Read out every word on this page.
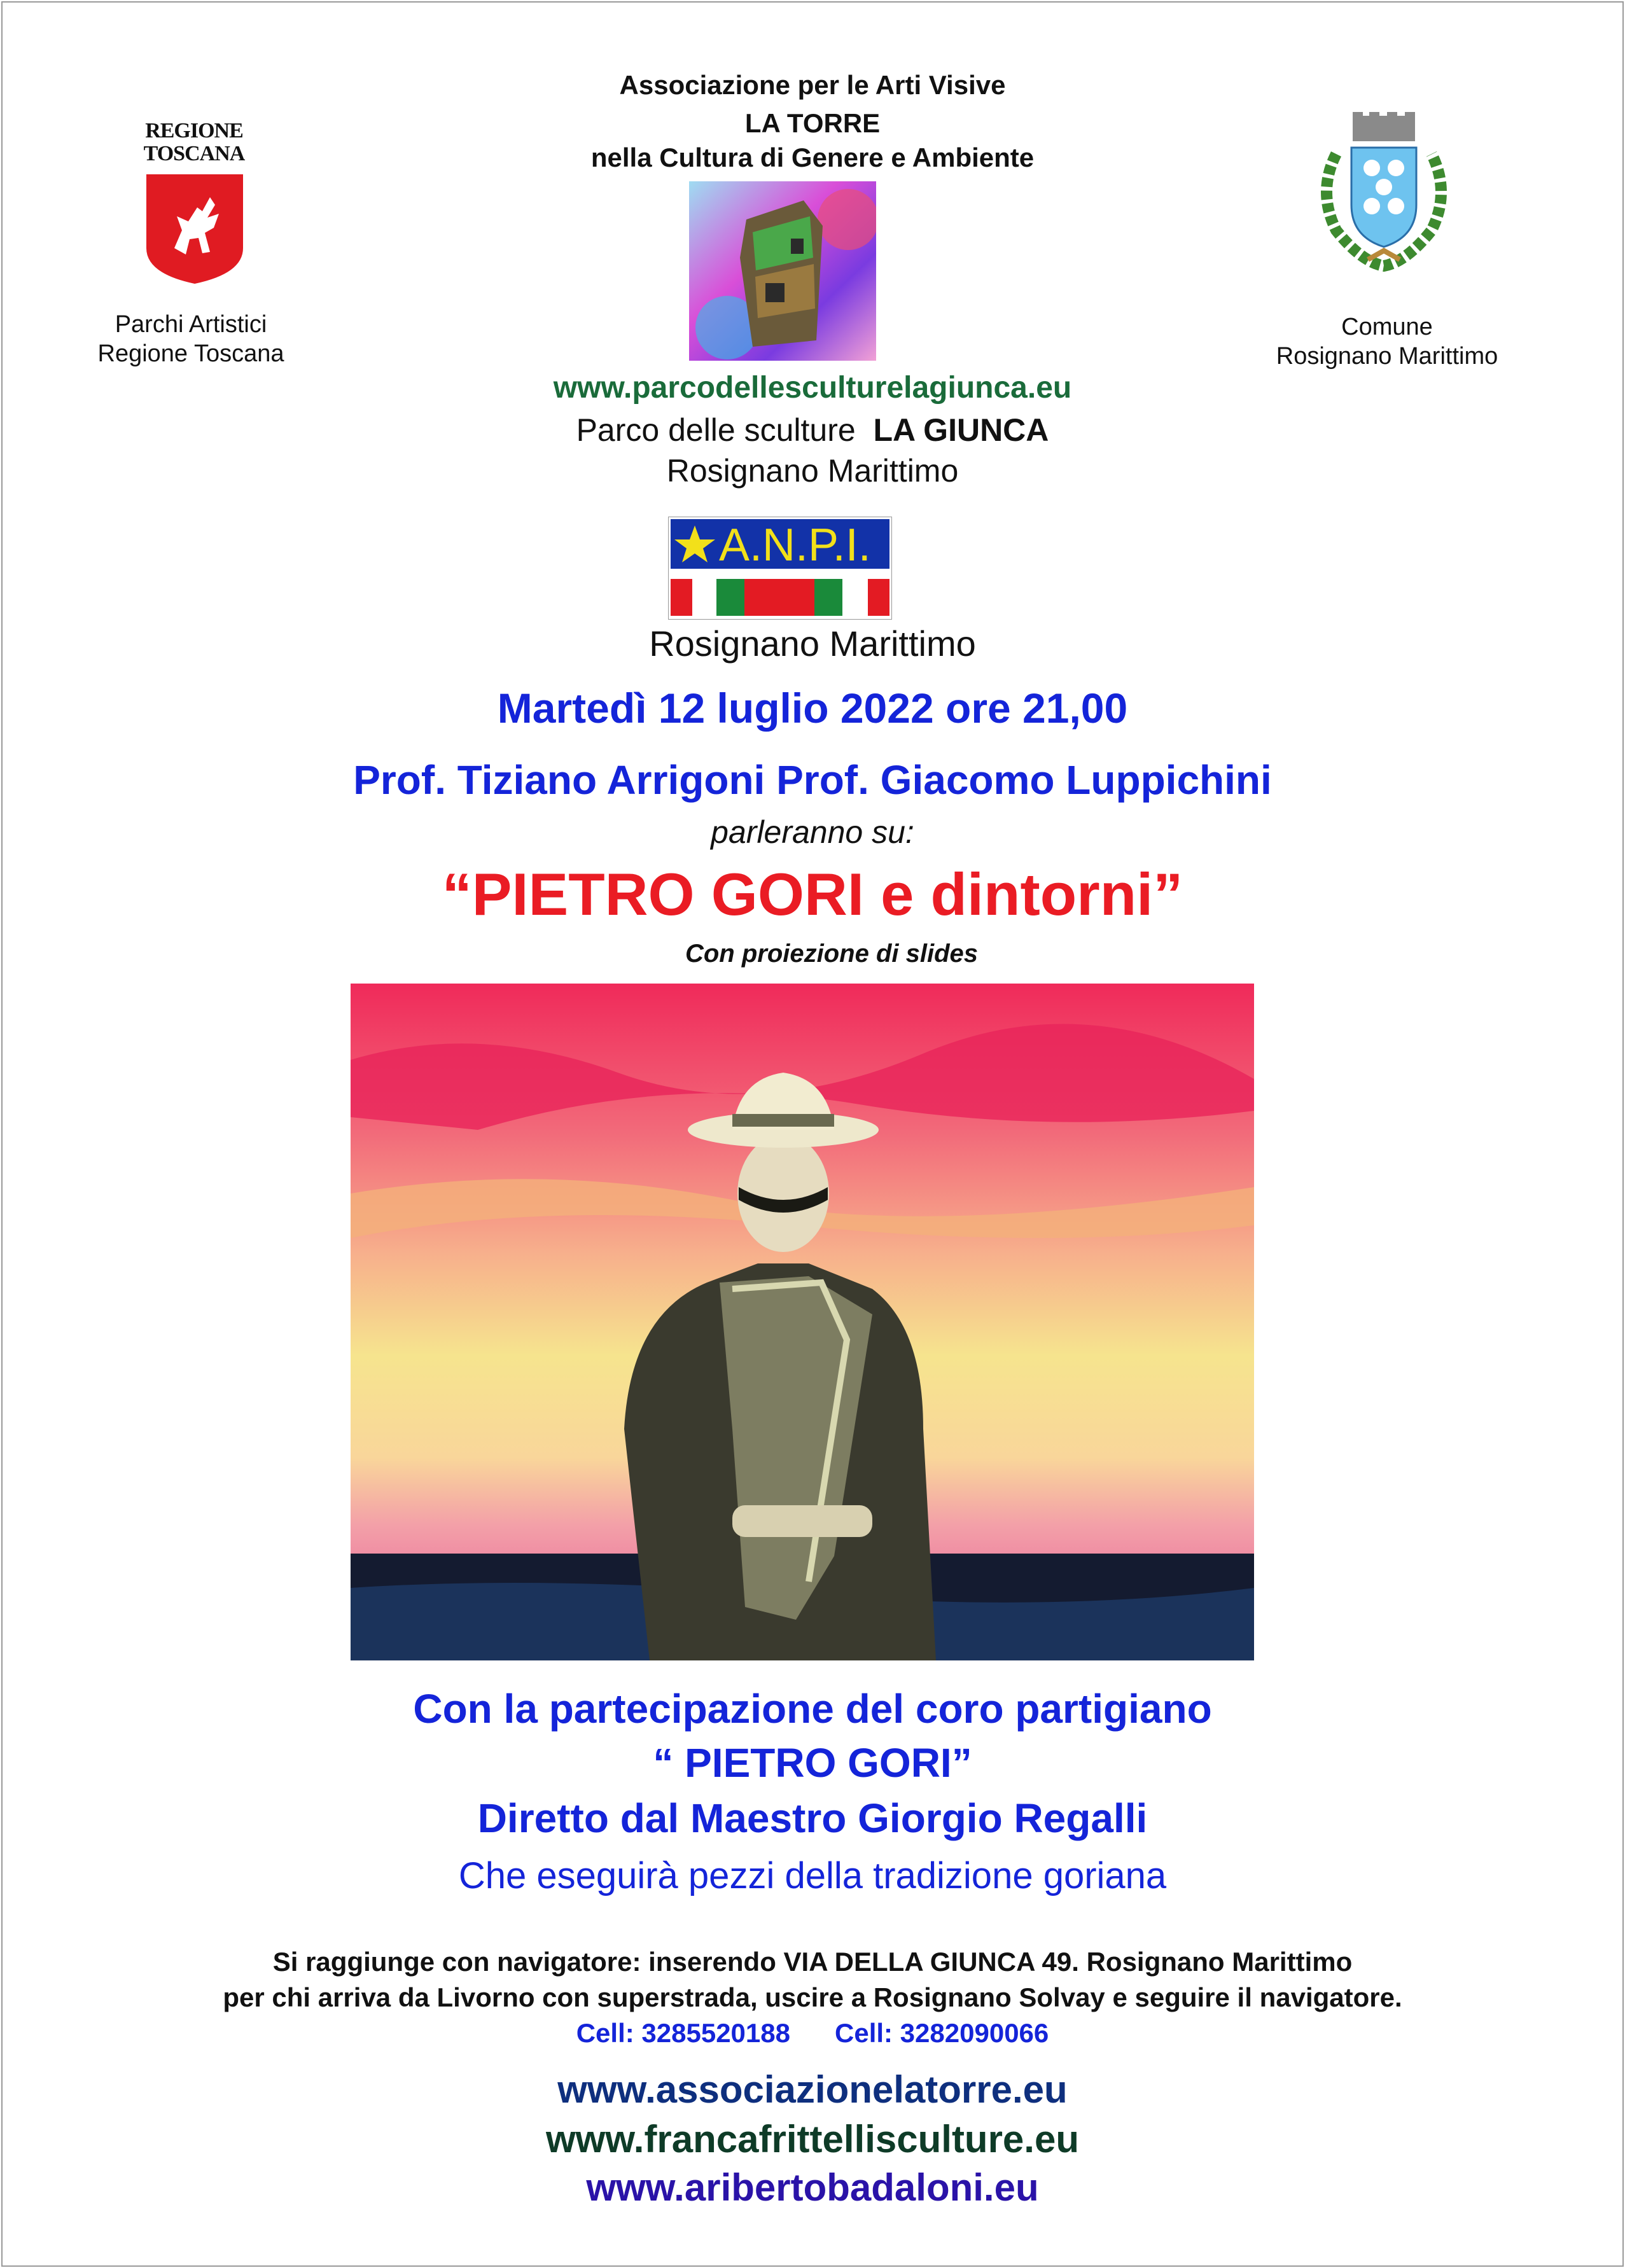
Associazione per le Arti Visive
LA TORRE
nella Cultura di Genere e Ambiente
REGIONE
TOSCANA
Parchi Artistici
Regione Toscana
Comune
Rosignano Marittimo
www.parcodellesculturelagiunca.eu
Parco delle sculture LA GIUNCA
Rosignano Marittimo
A.N.P.I.
Rosignano Marittimo
Martedì 12 luglio 2022 ore 21,00
Prof. Tiziano Arrigoni Prof. Giacomo Luppichini
parleranno su:
“PIETRO GORI e dintorni”
Con proiezione di slides
Con la partecipazione del coro partigiano
“ PIETRO GORI”
Diretto dal Maestro Giorgio Regalli
Che eseguirà pezzi della tradizione goriana
Si raggiunge con navigatore: inserendo VIA DELLA GIUNCA 49. Rosignano Marittimo
per chi arriva da Livorno con superstrada, uscire a Rosignano Solvay e seguire il navigatore.
Cell: 3285520188      Cell: 3282090066
www.associazionelatorre.eu
www.francafrittellisculture.eu
www.aribertobadaloni.eu
